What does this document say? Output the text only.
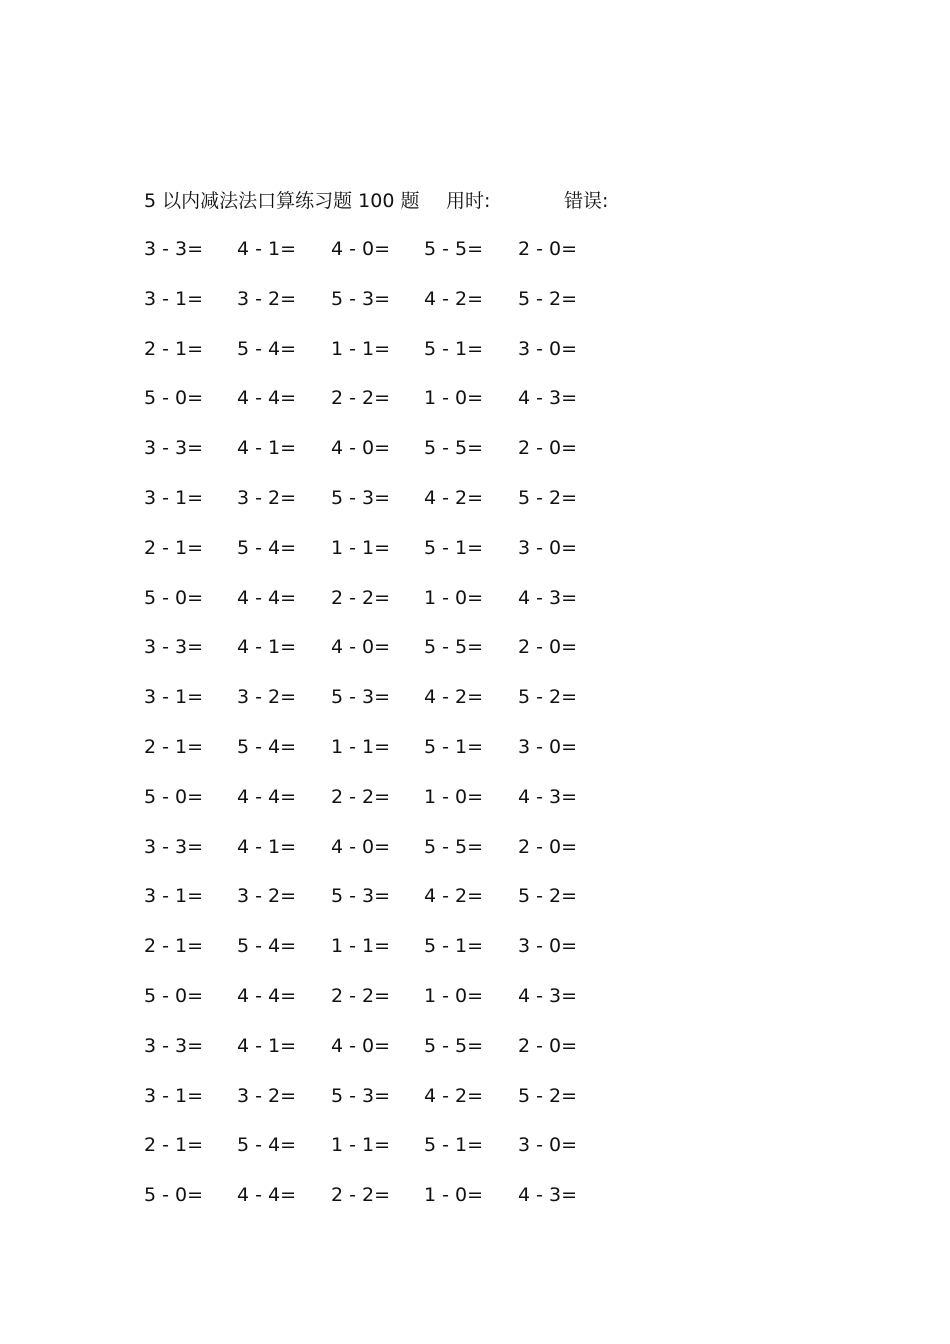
5 以内减法法口算练习题 100 题 用时:	错误:
3 - 3= 4 - 1= 4 - 0= 5 - 5= 2 - 0=
3 - 1= 3 - 2= 5 - 3= 4 - 2= 5 - 2=
2 - 1= 5 - 4= 1 - 1= 5 - 1= 3 - 0=
5 - 0= 4 - 4= 2 - 2= 1 - 0= 4 - 3=
3 - 3= 4 - 1= 4 - 0= 5 - 5= 2 - 0=
3 - 1= 3 - 2= 5 - 3= 4 - 2= 5 - 2=
2 - 1= 5 - 4= 1 - 1= 5 - 1= 3 - 0=
5 - 0= 4 - 4= 2 - 2= 1 - 0= 4 - 3=
3 - 3= 4 - 1= 4 - 0= 5 - 5= 2 - 0=
3 - 1= 3 - 2= 5 - 3= 4 - 2= 5 - 2=
2 - 1= 5 - 4= 1 - 1= 5 - 1= 3 - 0=
5 - 0= 4 - 4= 2 - 2= 1 - 0= 4 - 3=
3 - 3= 4 - 1= 4 - 0= 5 - 5= 2 - 0=
3 - 1= 3 - 2= 5 - 3= 4 - 2= 5 - 2=
2 - 1= 5 - 4= 1 - 1= 5 - 1= 3 - 0=
5 - 0= 4 - 4= 2 - 2= 1 - 0= 4 - 3=
3 - 3= 4 - 1= 4 - 0= 5 - 5= 2 - 0=
3 - 1= 3 - 2= 5 - 3= 4 - 2= 5 - 2=
2 - 1= 5 - 4= 1 - 1= 5 - 1= 3 - 0=
5 - 0= 4 - 4= 2 - 2= 1 - 0= 4 - 3=
